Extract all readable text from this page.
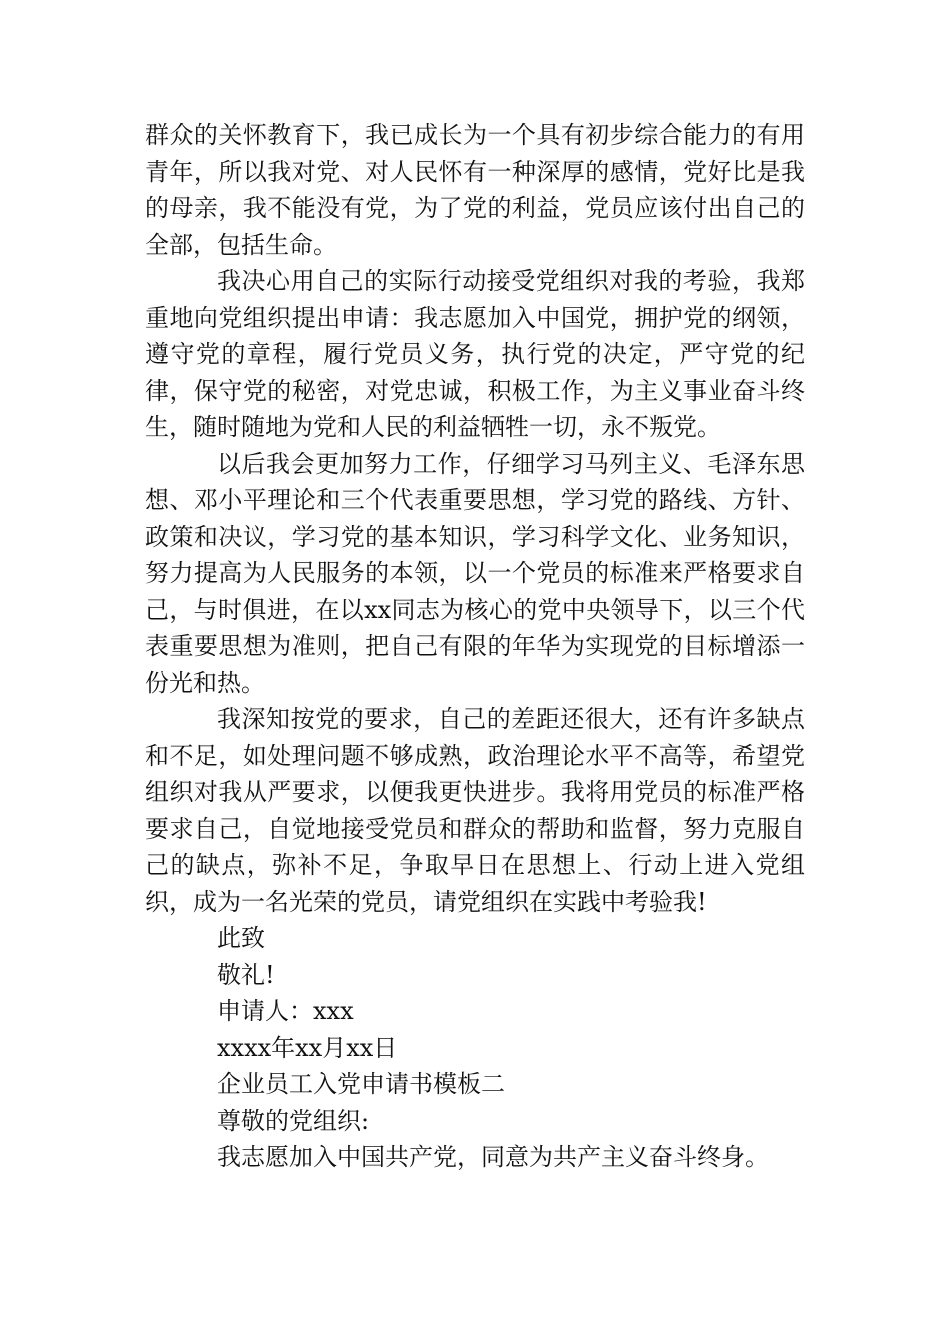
群众的关怀教育下，我已成长为一个具有初步综合能力的有用青年，所以我对党、对人民怀有一种深厚的感情，党好比是我的母亲，我不能没有党，为了党的利益，党员应该付出自己的全部，包括生命。

我决心用自己的实际行动接受党组织对我的考验，我郑重地向党组织提出申请：我志愿加入中国党，拥护党的纲领，遵守党的章程，履行党员义务，执行党的决定，严守党的纪律，保守党的秘密，对党忠诚，积极工作，为主义事业奋斗终生，随时随地为党和人民的利益牺牲一切，永不叛党。

以后我会更加努力工作，仔细学习马列主义、毛泽东思想、邓小平理论和三个代表重要思想，学习党的路线、方针、政策和决议，学习党的基本知识，学习科学文化、业务知识，努力提高为人民服务的本领，以一个党员的标准来严格要求自己，与时俱进，在以xx同志为核心的党中央领导下，以三个代表重要思想为准则，把自己有限的年华为实现党的目标增添一份光和热。

我深知按党的要求，自己的差距还很大，还有许多缺点和不足，如处理问题不够成熟，政治理论水平不高等，希望党组织对我从严要求，以便我更快进步。我将用党员的标准严格要求自己，自觉地接受党员和群众的帮助和监督，努力克服自己的缺点，弥补不足，争取早日在思想上、行动上进入党组织，成为一名光荣的党员，请党组织在实践中考验我!

此致

敬礼!

申请人：xxx

xxxx年xx月xx日

企业员工入党申请书模板二

尊敬的党组织:

我志愿加入中国共产党，同意为共产主义奋斗终身。
